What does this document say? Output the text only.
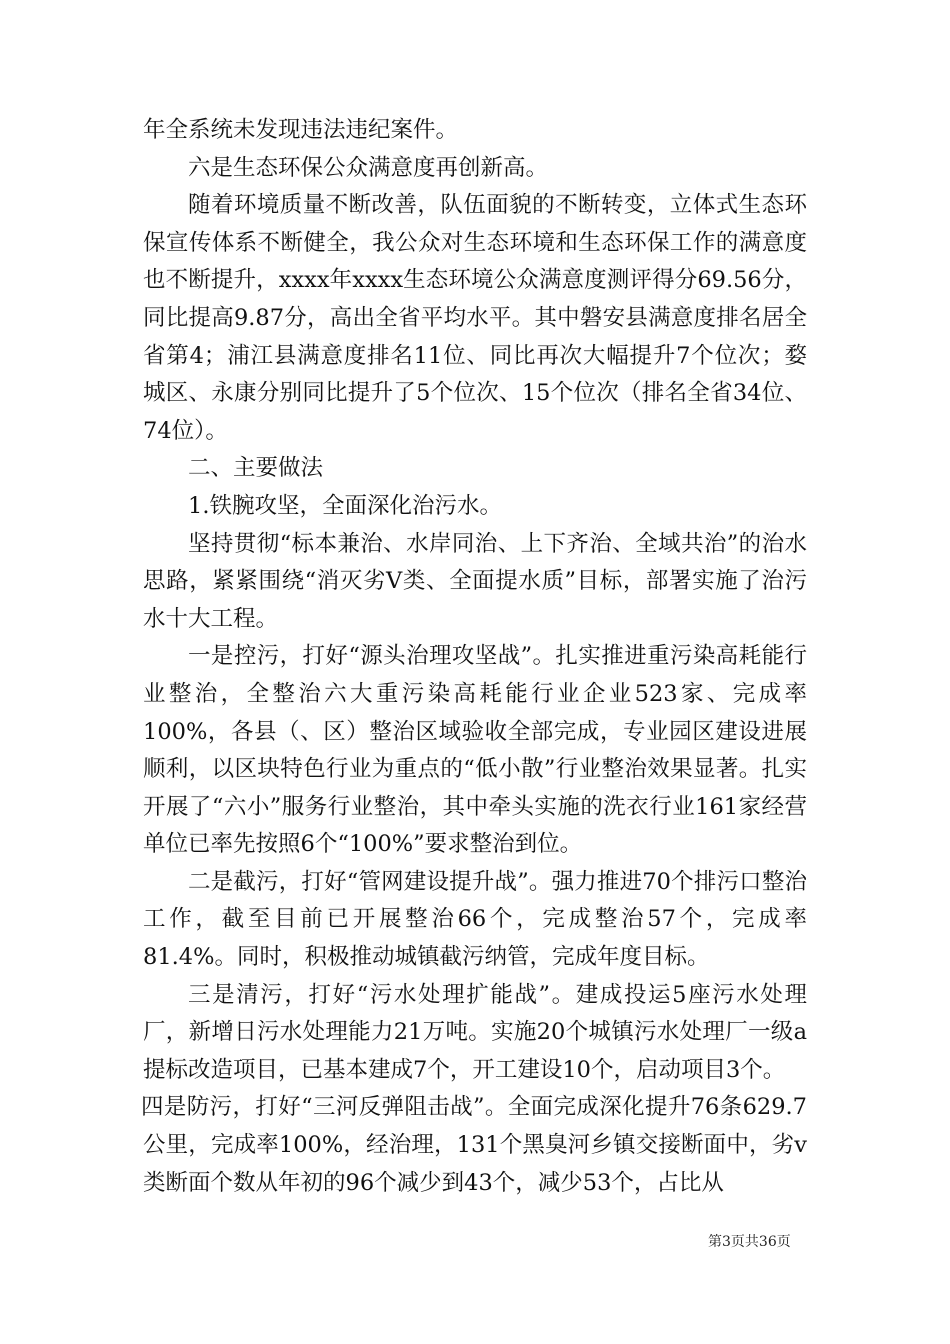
年全系统未发现违法违纪案件。

六是生态环保公众满意度再创新高。

随着环境质量不断改善，队伍面貌的不断转变，立体式生态环保宣传体系不断健全，我公众对生态环境和生态环保工作的满意度也不断提升，xxxx年xxxx生态环境公众满意度测评得分69.56分，同比提高9.87分，高出全省平均水平。其中磐安县满意度排名居全省第4；浦江县满意度排名11位、同比再次大幅提升7个位次；婺城区、永康分别同比提升了5个位次、15个位次（排名全省34位、74位）。

二、主要做法

1.铁腕攻坚，全面深化治污水。

坚持贯彻“标本兼治、水岸同治、上下齐治、全域共治”的治水思路，紧紧围绕“消灭劣Ⅴ类、全面提水质”目标，部署实施了治污水十大工程。

一是控污，打好“源头治理攻坚战”。扎实推进重污染高耗能行业整治，全整治六大重污染高耗能行业企业523家、完成率100%，各县（、区）整治区域验收全部完成，专业园区建设进展顺利，以区块特色行业为重点的“低小散”行业整治效果显著。扎实开展了“六小”服务行业整治，其中牵头实施的洗衣行业161家经营单位已率先按照6个“100%”要求整治到位。

二是截污，打好“管网建设提升战”。强力推进70个排污口整治工作，截至目前已开展整治66个，完成整治57个，完成率81.4%。同时，积极推动城镇截污纳管，完成年度目标。

三是清污，打好“污水处理扩能战”。建成投运5座污水处理厂，新增日污水处理能力21万吨。实施20个城镇污水处理厂一级a提标改造项目，已基本建成7个，开工建设10个，启动项目3个。

四是防污，打好“三河反弹阻击战”。全面完成深化提升76条629.7公里，完成率100%，经治理，131个黑臭河乡镇交接断面中，劣v类断面个数从年初的96个减少到43个，减少53个，占比从

第3页共36页
